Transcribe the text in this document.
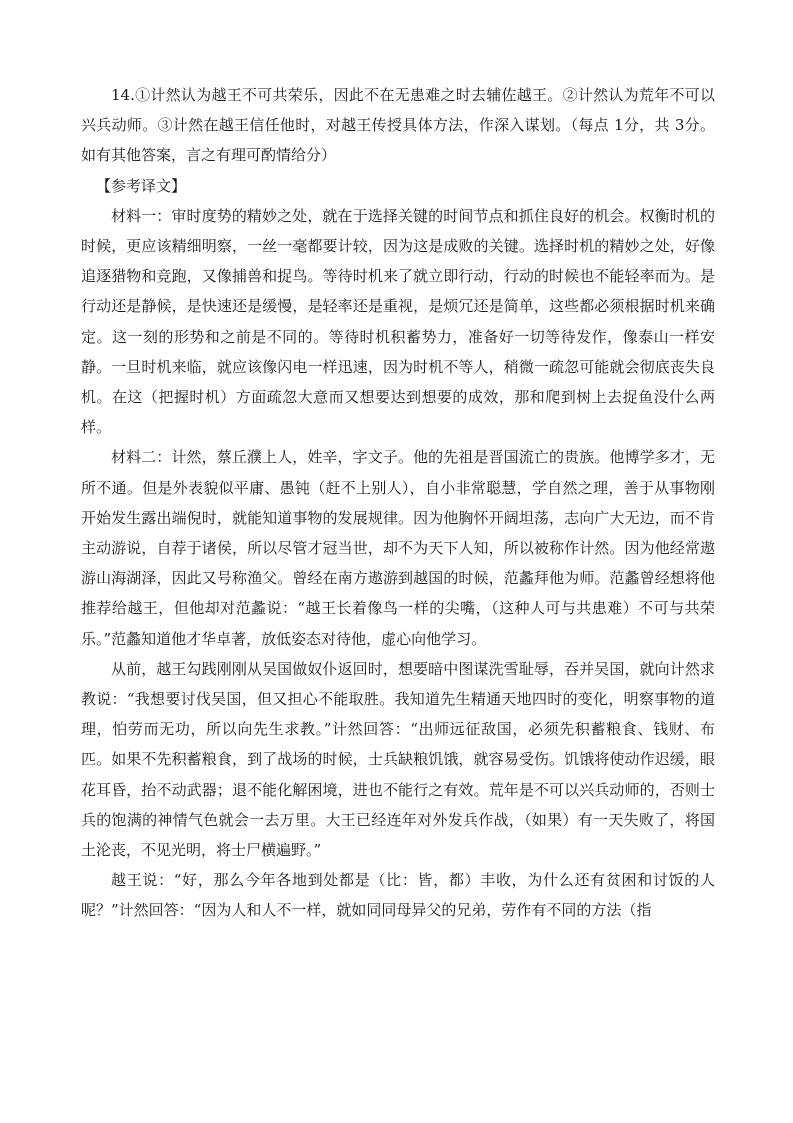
14.①计然认为越王不可共荣乐，因此不在无患难之时去辅佐越王。②计然认为荒年不可以兴兵动师。③计然在越王信任他时，对越王传授具体方法，作深入谋划。（每点 1分，共 3分。如有其他答案，言之有理可酌情给分）

【参考译文】

材料一：审时度势的精妙之处，就在于选择关键的时间节点和抓住良好的机会。权衡时机的时候，更应该精细明察，一丝一毫都要计较，因为这是成败的关键。选择时机的精妙之处，好像追逐猎物和竞跑，又像捕兽和捉鸟。等待时机来了就立即行动，行动的时候也不能轻率而为。是行动还是静候，是快速还是缓慢，是轻率还是重视，是烦冗还是简单，这些都必须根据时机来确定。这一刻的形势和之前是不同的。等待时机积蓄势力，准备好一切等待发作，像泰山一样安静。一旦时机来临，就应该像闪电一样迅速，因为时机不等人，稍微一疏忽可能就会彻底丧失良机。在这（把握时机）方面疏忽大意而又想要达到想要的成效，那和爬到树上去捉鱼没什么两样。

材料二：计然，蔡丘濮上人，姓辛，字文子。他的先祖是晋国流亡的贵族。他博学多才，无所不通。但是外表貌似平庸、愚钝（赶不上别人），自小非常聪慧，学自然之理，善于从事物刚开始发生露出端倪时，就能知道事物的发展规律。因为他胸怀开阔坦荡，志向广大无边，而不肯主动游说，自荐于诸侯，所以尽管才冠当世，却不为天下人知，所以被称作计然。因为他经常遨游山海湖泽，因此又号称渔父。曾经在南方遨游到越国的时候，范蠡拜他为师。范蠡曾经想将他推荐给越王，但他却对范蠡说：“越王长着像鸟一样的尖嘴，（这种人可与共患难）不可与共荣乐。”范蠡知道他才华卓著，放低姿态对待他，虚心向他学习。

从前，越王勾践刚刚从吴国做奴仆返回时，想要暗中图谋洗雪耻辱，吞并吴国，就向计然求教说：“我想要讨伐吴国，但又担心不能取胜。我知道先生精通天地四时的变化，明察事物的道理，怕劳而无功，所以向先生求教。”计然回答：“出师远征敌国，必须先积蓄粮食、钱财、布匹。如果不先积蓄粮食，到了战场的时候，士兵缺粮饥饿，就容易受伤。饥饿将使动作迟缓，眼花耳昏，抬不动武器；退不能化解困境，进也不能行之有效。荒年是不可以兴兵动师的，否则士兵的饱满的神情气色就会一去万里。大王已经连年对外发兵作战，（如果）有一天失败了，将国土沦丧，不见光明，将士尸横遍野。”

越王说：“好，那么今年各地到处都是（比：皆，都）丰收，为什么还有贫困和讨饭的人呢？”计然回答：“因为人和人不一样，就如同同母异父的兄弟，劳作有不同的方法（指
